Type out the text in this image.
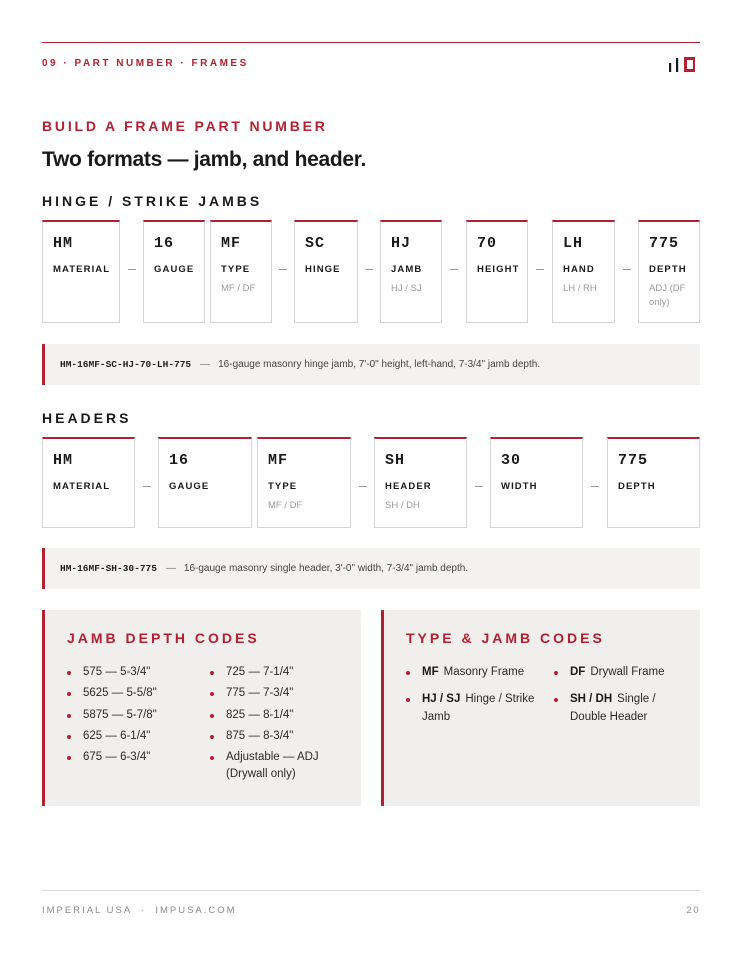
09 · PART NUMBER · FRAMES
BUILD A FRAME PART NUMBER
Two formats — jamb, and header.
HINGE / STRIKE JAMBS
HM
MATERIAL
16
GAUGE
MF
TYPE
MF / DF
SC
HINGE
HJ
JAMB
HJ / SJ
70
HEIGHT
LH
HAND
LH / RH
775
DEPTH
ADJ (DF only)
HM-16MF-SC-HJ-70-LH-775 — 16-gauge masonry hinge jamb, 7'-0" height, left-hand, 7-3/4" jamb depth.
HEADERS
HM
MATERIAL
16
GAUGE
MF
TYPE
MF / DF
SH
HEADER
SH / DH
30
WIDTH
775
DEPTH
HM-16MF-SH-30-775 — 16-gauge masonry single header, 3'-0" width, 7-3/4" jamb depth.
JAMB DEPTH CODES
575 — 5-3/4"
5625 — 5-5/8"
5875 — 5-7/8"
625 — 6-1/4"
675 — 6-3/4"
725 — 7-1/4"
775 — 7-3/4"
825 — 8-1/4"
875 — 8-3/4"
Adjustable — ADJ (Drywall only)
TYPE & JAMB CODES
MF Masonry Frame
HJ / SJ Hinge / Strike Jamb
DF Drywall Frame
SH / DH Single / Double Header
IMPERIAL USA · IMPUSA.COM	20
